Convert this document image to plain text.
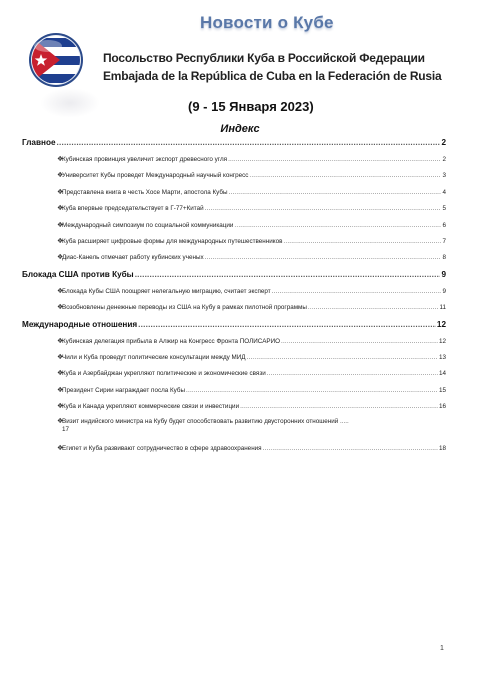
Новости о Кубе
Посольство Республики Куба в Российской Федерации
Embajada de la República de Cuba en la Federación de Rusia
(9 - 15 Января 2023)
Индекс
Главное .....	2
❖
Кубинская провинция увеличит экспорт древесного угля .....	2
❖
Университет Кубы проведет Международный научный конгресс .....	3
❖
Представлена книга в честь Хосе Марти, апостола Кубы .....	4
❖
Куба впервые председательствует в Г-77+Китай .....	5
❖
Международный симпозиум по социальной коммуникации .....	6
❖
Куба расширяет цифровые формы для международных путешественников .....	7
❖
Диас-Канель отмечает работу кубинских ученых .....	8
Блокада США против Кубы .....	9
❖
Блокада Кубы США поощряет нелегальную миграцию, считает эксперт .....	9
❖
Возобновлены денежные переводы из США на Кубу в рамках пилотной программы .....	11
Международные отношения .....	12
❖
Кубинская делегация прибыла в Алжир на Конгресс Фронта ПОЛИСАРИО .....	12
❖
Чили и Куба проведут политические консультации между МИД .....	13
❖
Куба и Азербайджан укрепляют политические и экономические связи .....	14
❖
Президент Сирии награждает посла Кубы .....	15
❖
Куба и Канада укрепляют коммерческие связи и инвестиции .....	16
❖
Визит индийского министра на Кубу будет способствовать развитию двусторонних отношений .....
17
❖
Египет и Куба развивают сотрудничество в сфере здравоохранения .....	18
1
